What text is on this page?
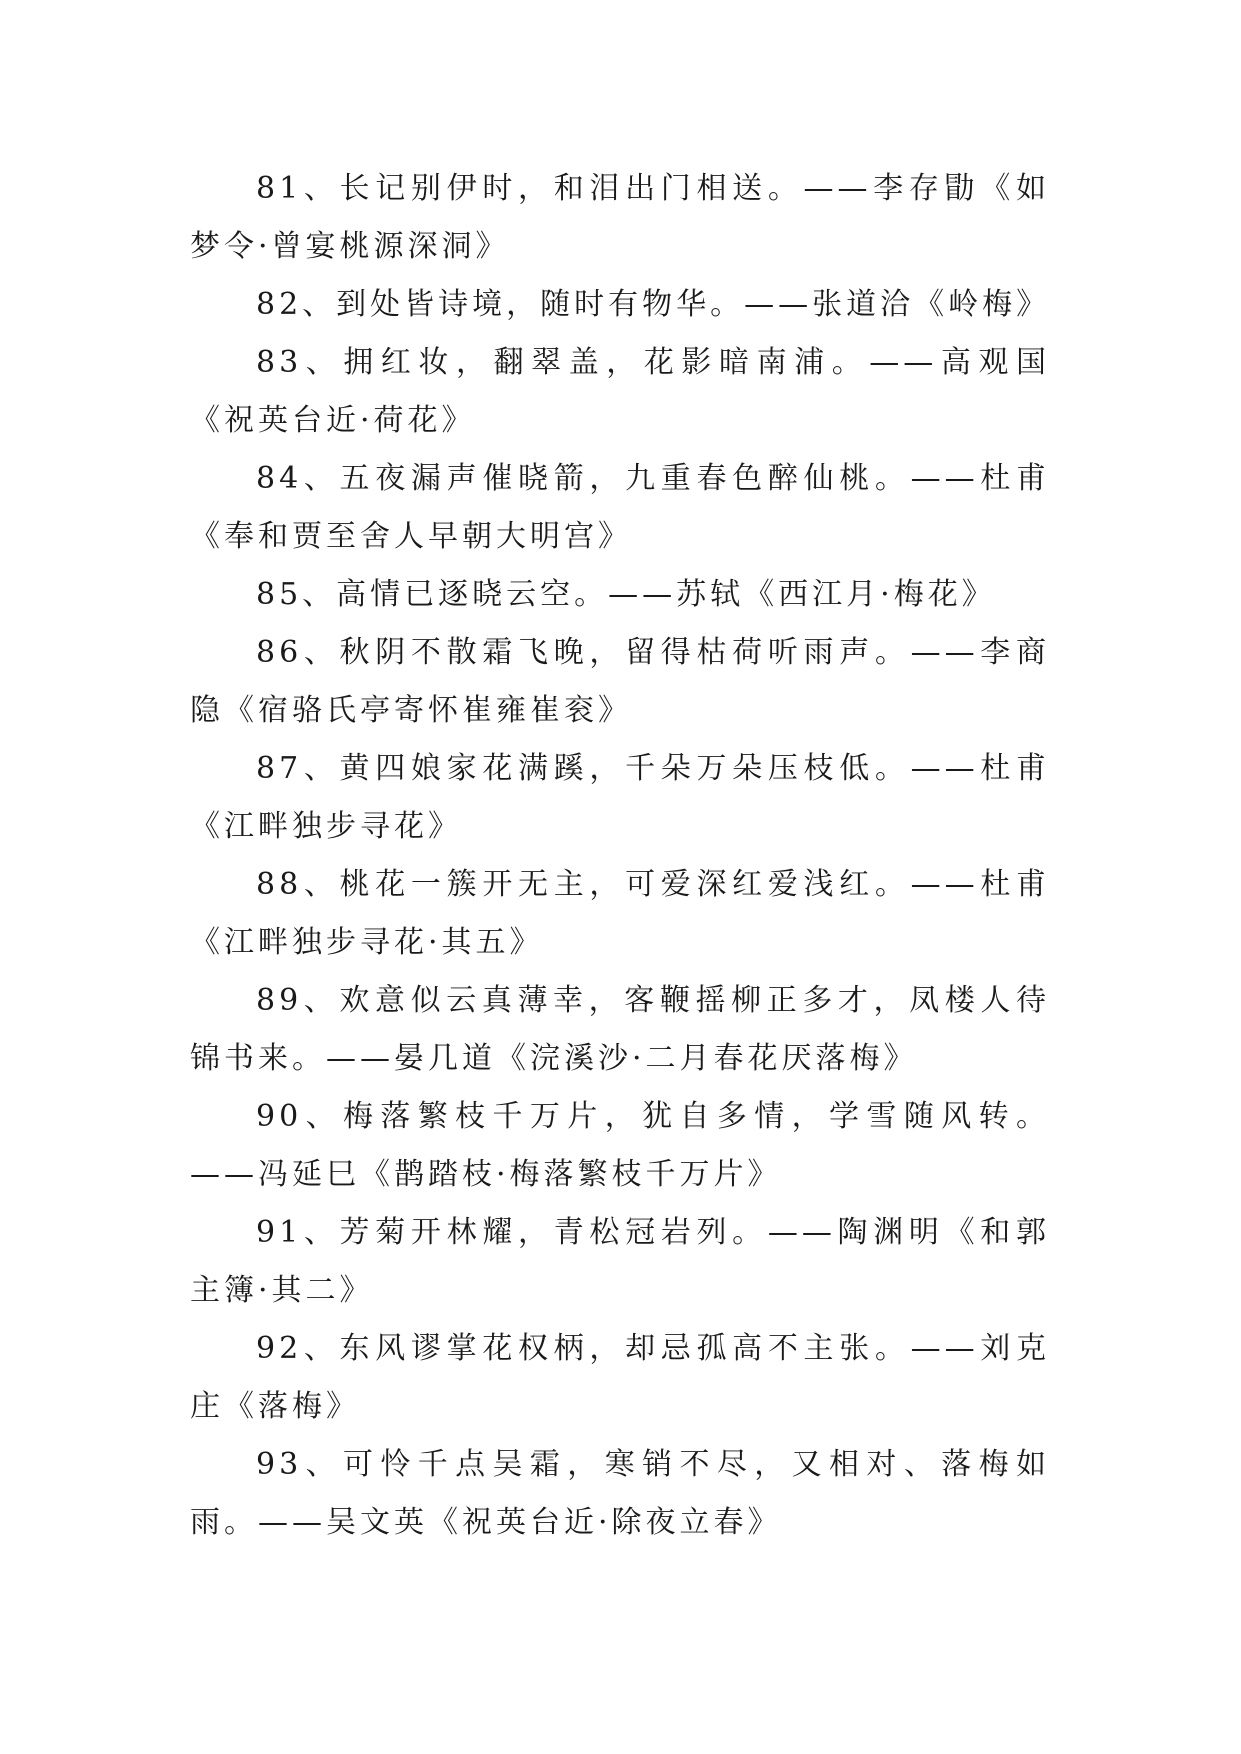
81、长记别伊时，和泪出门相送。——李存勖《如梦令·曾宴桃源深洞》

82、到处皆诗境，随时有物华。——张道洽《岭梅》

83、拥红妆，翻翠盖，花影暗南浦。——高观国《祝英台近·荷花》

84、五夜漏声催晓箭，九重春色醉仙桃。——杜甫《奉和贾至舍人早朝大明宫》

85、高情已逐晓云空。——苏轼《西江月·梅花》

86、秋阴不散霜飞晚，留得枯荷听雨声。——李商隐《宿骆氏亭寄怀崔雍崔衮》

87、黄四娘家花满蹊，千朵万朵压枝低。——杜甫《江畔独步寻花》

88、桃花一簇开无主，可爱深红爱浅红。——杜甫《江畔独步寻花·其五》

89、欢意似云真薄幸，客鞭摇柳正多才，凤楼人待锦书来。——晏几道《浣溪沙·二月春花厌落梅》

90、梅落繁枝千万片，犹自多情，学雪随风转。——冯延巳《鹊踏枝·梅落繁枝千万片》

91、芳菊开林耀，青松冠岩列。——陶渊明《和郭主簿·其二》

92、东风谬掌花权柄，却忌孤高不主张。——刘克庄《落梅》

93、可怜千点吴霜，寒销不尽，又相对、落梅如雨。——吴文英《祝英台近·除夜立春》
